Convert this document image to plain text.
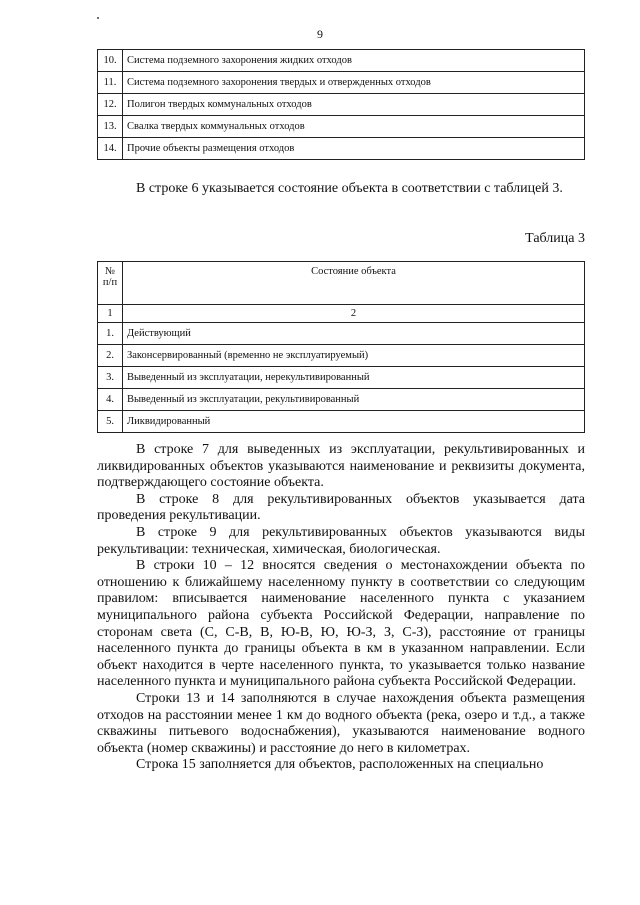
9
10.	Система подземного захоронения жидких отходов
11.	Система подземного захоронения твердых и отвержденных отходов
12.	Полигон твердых коммунальных отходов
13.	Свалка твердых коммунальных отходов
14.	Прочие объекты размещения отходов

В строке 6 указывается состояние объекта в соответствии с таблицей 3.

Таблица 3
№ п/п	Состояние объекта
1	2
1.	Действующий
2.	Законсервированный (временно не эксплуатируемый)
3.	Выведенный из эксплуатации, нерекультивированный
4.	Выведенный из эксплуатации, рекультивированный
5.	Ликвидированный

В строке 7 для выведенных из эксплуатации, рекультивированных и ликвидированных объектов указываются наименование и реквизиты документа, подтверждающего состояние объекта.

В строке 8 для рекультивированных объектов указывается дата проведения рекультивации.

В строке 9 для рекультивированных объектов указываются виды рекультивации: техническая, химическая, биологическая.

В строки 10 – 12 вносятся сведения о местонахождении объекта по отношению к ближайшему населенному пункту в соответствии со следующим правилом: вписывается наименование населенного пункта с указанием муниципального района субъекта Российской Федерации, направление по сторонам света (С, С-В, В, Ю-В, Ю, Ю-З, З, С-З), расстояние от границы населенного пункта до границы объекта в км в указанном направлении. Если объект находится в черте населенного пункта, то указывается только название населенного пункта и муниципального района субъекта Российской Федерации.

Строки 13 и 14 заполняются в случае нахождения объекта размещения отходов на расстоянии менее 1 км до водного объекта (река, озеро и т.д., а также скважины питьевого водоснабжения), указываются наименование водного объекта (номер скважины) и расстояние до него в километрах.

Строка 15 заполняется для объектов, расположенных на специально
